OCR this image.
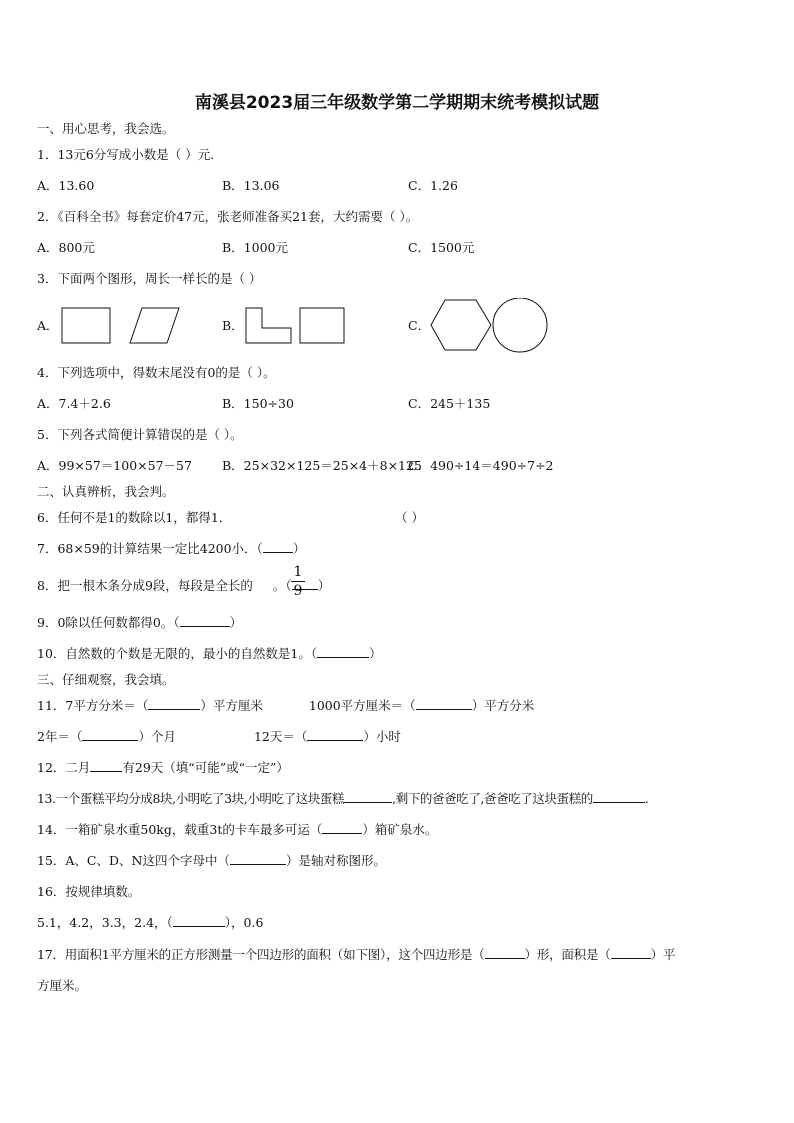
南溪县2023届三年级数学第二学期期末统考模拟试题
一、用心思考，我会选。
1．13元6分写成小数是（ ）元.
A．13.60	B．13.06	C．1.26
2．《百科全书》每套定价47元，张老师准备买21套，大约需要（ ）。
A．800元	B．1000元	C．1500元
3．下面两个图形，周长一样长的是（ ）
A．	B．	C．
4．下列选项中，得数末尾没有0的是（ ）。
A．7.4＋2.6	B．150÷30	C．245＋135
5．下列各式简便计算错误的是（ ）。
A．99×57＝100×57－57 B．25×32×125＝25×4＋8×125
C．490÷14＝490÷7÷2
二、认真辨析，我会判。
6．任何不是1的数除以1，都得1．	（ ）
7．68×59的计算结果一定比4200小．（ ）
8．把一根木条分成9段，每段是全长的 。（ ）
1
9
9．0除以任何数都得0。（	）
10．自然数的个数是无限的，最小的自然数是1。（	）
三、仔细观察，我会填。
11．7平方分米＝（	）平方厘米	1000平方厘米＝（	）平方分米
2年＝（	）个月	12天＝（	）小时
12．二月	有29天（填“可能”或“一定”）
13.一个蛋糕平均分成8块,小明吃了3块,小明吃了这块蛋糕	,剩下的爸爸吃了,爸爸吃了这块蛋糕的	.
14．一箱矿泉水重50kg，载重3t的卡车最多可运（	）箱矿泉水。
15．A、C、D、N这四个字母中（	）是轴对称图形。
16．按规律填数。
5.1，4.2，3.3，2.4，（	），0.6
17．用面积1平方厘米的正方形测量一个四边形的面积（如下图），这个四边形是（	）形，面积是（	）平
方厘米。
